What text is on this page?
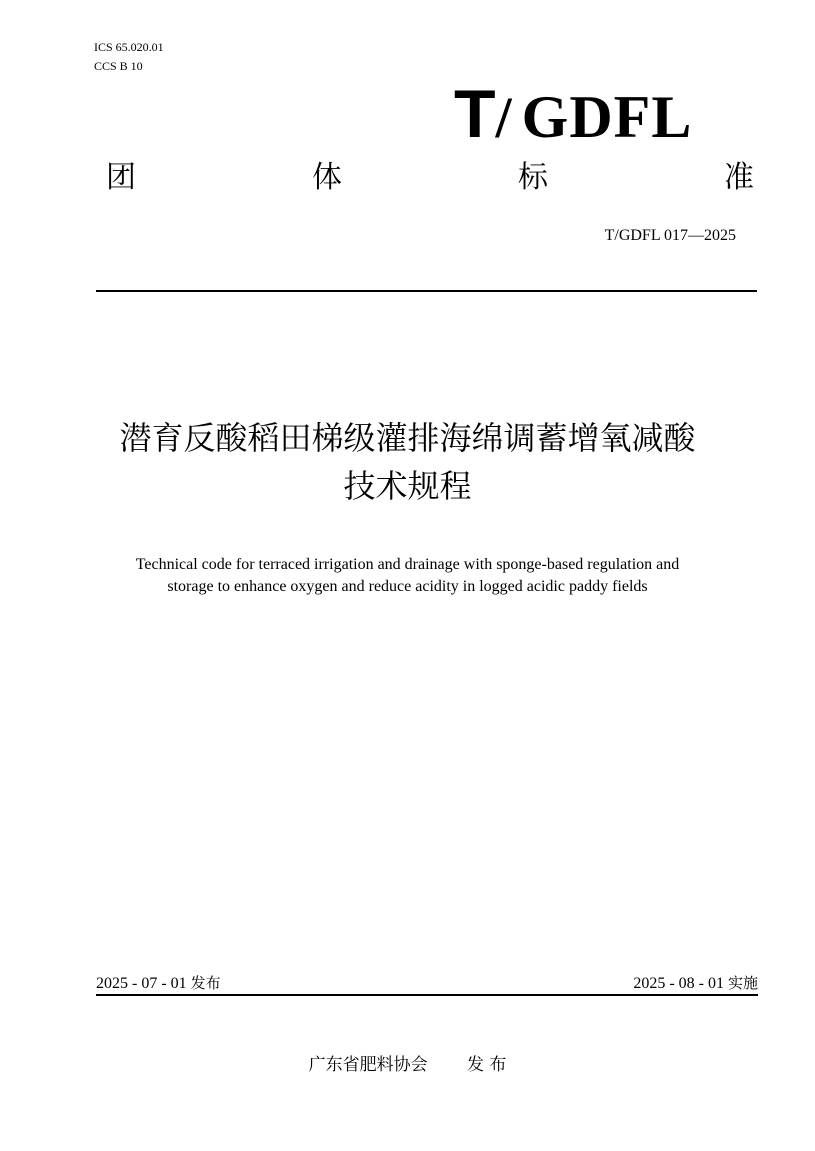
ICS 65.020.01
CCS B 10
T / GDFL
团	体	标	准
T/GDFL 017—2025
潜育反酸稻田梯级灌排海绵调蓄增氧减酸
技术规程
Technical code for terraced irrigation and drainage with sponge-based regulation and
storage to enhance oxygen and reduce acidity in logged acidic paddy fields
2025 - 07 - 01 发布	2025 - 08 - 01 实施
广东省肥料协会 发 布
